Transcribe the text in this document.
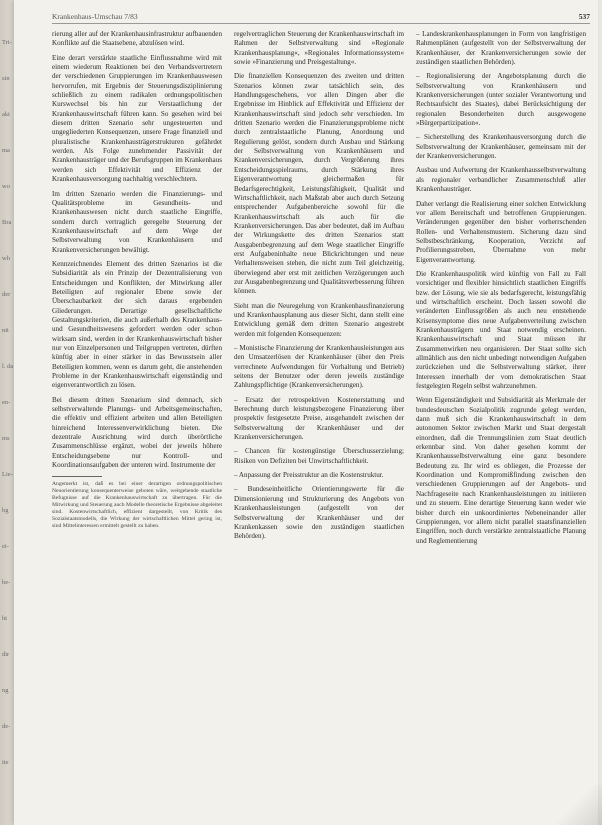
Tri-
sin
akt
ma
wo
Bra
wh
der
nit
l. da
en-
ms
Lie-
bg
ei-
be-
ht
dir
ng
de-
ite
Krankenhaus-Umschau 7/83	537

rierung aller auf der Krankenhausinfrastruktur aufbauenden Konflikte auf die Staatsebene, abzulösen wird.

Eine derart verstärkte staatliche Einflussnahme wird mit einem wiederum Reaktionen bei den Verbandsvertretern der verschiedenen Gruppierungen im Krankenhauswesen hervorrufen, mit Ergebnis der Steuerungsdisziplinierung schließlich zu einem radikalen ordnungspolitischen Kurswechsel bis hin zur Verstaatlichung der Krankenhauswirtschaft führen kann. So gesehen wird bei diesem dritten Szenario sehr ungesteuerten und ungegliederten Konsequenzen, unsere Frage finanziell und pluralistische Krankenhausträgerstrukturen gefährdet werden. Als Folge zunehmender Passivität der Krankenhausträger und der Berufsgruppen im Krankenhaus werden sich Effektivität und Effizienz der Krankenhausversorgung nachhaltig verschlechtern.

Im dritten Szenario werden die Finanzierungs- und Qualitätsprobleme im Gesundheits- und Krankenhauswesen nicht durch staatliche Eingriffe, sondern durch vertraglich geregelte Steuerung der Krankenhauswirtschaft auf dem Wege der Selbstverwaltung von Krankenhäusern und Krankenversicherungen bewältigt.

Kennzeichnendes Element des dritten Szenarios ist die Subsidiarität als ein Prinzip der Dezentralisierung von Entscheidungen und Konflikten, der Mitwirkung aller Beteiligten auf regionaler Ebene sowie der Überschaubarkeit der sich daraus ergebenden Gliederungen. Derartige gesellschaftliche Gestaltungskriterien, die auch außerhalb des Krankenhaus- und Gesundheitswesens gefordert werden oder schon wirksam sind, werden in der Krankenhauswirtschaft bisher nur von Einzelpersonen und Teilgruppen vertreten, dürften künftig aber in einer stärker in das Bewusstsein aller Beteiligten kommen, wenn es darum geht, die anstehenden Probleme in der Krankenhauswirtschaft eigenständig und eigenverantwortlich zu lösen.

Bei diesem dritten Szenarium sind demnach, sich selbstverwaltende Planungs- und Arbeitsgemeinschaften, die effektiv und effizient arbeiten und allen Beteiligten hinreichend Interessenverwirklichung bieten. Die dezentrale Ausrichtung wird durch überörtliche Zusammenschlüsse ergänzt, wobei der jeweils höhere Entscheidungsebene nur Kontroll- und Koordinationsaufgaben der unteren wird. Instrumente der

Angemerkt ist, daß es bei einer derartigen ordnungspolitischen Neuorientierung konsequenterweise geboten wäre, weitgehende staatliche Befugnisse auf die Krankenhauswirtschaft zu übertragen. Für die Mitwirkung und Steuerung auch Modelle theoretische Ergebnisse abgeleitet sind. Kostenwirtschaftlich, effizient dargestellt, von Kritik des Sozialstaatsmodells, die Wirkung der wirtschaftlichen Mittel gering ist, sind Mittelinteressen ermittelt gestellt zu haben.

regelvertraglichen Steuerung der Krankenhauswirtschaft im Rahmen der Selbstverwaltung sind »Regionale Krankenhausplanung«, »Regionales Informationssystem« sowie »Finanzierung und Preisgestaltung«.

Die finanziellen Konsequenzen des zweiten und dritten Szenarios können zwar tatsächlich sein, des Handlungsgeschehens, vor allen Dingen aber die Ergebnisse im Hinblick auf Effektivität und Effizienz der Krankenhauswirtschaft sind jedoch sehr verschieden. Im dritten Szenario werden die Finanzierungsprobleme nicht durch zentralstaatliche Planung, Anordnung und Regulierung gelöst, sondern durch Ausbau und Stärkung der Selbstverwaltung von Krankenhäusern und Krankenversicherungen, durch Vergrößerung ihres Entscheidungsspielraums, durch Stärkung ihres Eigenverantwortung gleichermaßen für Bedarfsgerechtigkeit, Leistungsfähigkeit, Qualität und Wirtschaftlichkeit, nach Maßstab aber auch durch Setzung entsprechender Aufgabenbereiche sowohl für die Krankenhauswirtschaft als auch für die Krankenversicherungen. Das aber bedeutet, daß im Aufbau der Wirkungskette des dritten Szenarios statt Ausgabenbegrenzung auf dem Wege staatlicher Eingriffe erst Aufgabeninhalte neue Blickrichtungen und neue Verhaltensweisen stehen, die nicht zum Teil gleichzeitig, überwiegend aber erst mit zeitlichen Verzögerungen auch zur Ausgabenbegrenzung und Qualitätsverbesserung führen können.

Sieht man die Neuregelung von Krankenhausfinanzierung und Krankenhausplanung aus dieser Sicht, dann stellt eine Entwicklung gemäß dem dritten Szenario angestrebt werden mit folgenden Konsequenzen:

– Monistische Finanzierung der Krankenhausleistungen aus den Umsatzerlösen der Krankenhäuser (über den Preis verrechnete Aufwendungen für Vorhaltung und Betrieb) seitens der Benutzer oder deren jeweils zuständige Zahlungspflichtige (Krankenversicherungen).

– Ersatz der retrospektiven Kostenerstattung und Berechnung durch leistungsbezogene Finanzierung über prospektiv festgesetzte Preise, ausgehandelt zwischen der Selbstverwaltung der Krankenhäuser und der Krankenversicherungen.

– Chancen für kostengünstige Überschusserzielung; Risiken von Defiziten bei Unwirtschaftlichkeit.

– Anpassung der Preisstruktur an die Kostenstruktur.

– Bundeseinheitliche Orientierungswerte für die Dimensionierung und Strukturierung des Angebots von Krankenhausleistungen (aufgestellt von der Selbstverwaltung der Krankenhäuser und der Krankenkassen sowie den zuständigen staatlichen Behörden).

– Landeskrankenhausplanungen in Form von langfristigen Rahmenplänen (aufgestellt von der Selbstverwaltung der Krankenhäuser, der Krankenversicherungen sowie der zuständigen staatlichen Behörden).

– Regionalisierung der Angebotsplanung durch die Selbstverwaltung von Krankenhäusern und Krankenversicherungen (unter sozialer Verantwortung und Rechtsaufsicht des Staates), dabei Berücksichtigung der regionalen Besonderheiten durch ausgewogene »Bürgerpartizipation«.

– Sicherstellung des Krankenhausversorgung durch die Selbstverwaltung der Krankenhäuser, gemeinsam mit der der Krankenversicherungen.

Ausbau und Aufwertung der Krankenhausselbstverwaltung als regionaler verbandlicher Zusammenschluß aller Krankenhausträger.

Daher verlangt die Realisierung einer solchen Entwicklung vor allem Bereitschaft und betroffenen Gruppierungen. Veränderungen gegenüber den bisher vorherrschenden Rollen- und Verhaltensmustern. Sicherung dazu sind Selbstbeschränkung, Kooperation, Verzicht auf Profilierungsstreben, Übernahme von mehr Eigenverantwortung.

Die Krankenhauspolitik wird künftig von Fall zu Fall vorsichtiger und flexibler hinsichtlich staatlichen Eingriffs bzw. der Lösung, wie sie als bedarfsgerecht, leistungsfähig und wirtschaftlich erscheint. Doch lassen sowohl die veränderten Einflussgrößen als auch neu entstehende Krisensymptome dies neue Aufgabenverteilung zwischen Krankenhausträgern und Staat notwendig erscheinen. Krankenhauswirtschaft und Staat müssen ihr Zusammenwirken neu organisieren. Der Staat sollte sich allmählich aus den nicht unbedingt notwendigen Aufgaben zurückziehen und die Selbstverwaltung stärker, ihrer Interessen innerhalb der vom demokratischen Staat festgelegten Regeln selbst wahrzunehmen.

Wenn Eigenständigkeit und Subsidiarität als Merkmale der bundesdeutschen Sozialpolitik zugrunde gelegt werden, dann muß sich die Krankenhauswirtschaft in dem autonomen Sektor zwischen Markt und Staat dergestalt einordnen, daß die Trennungslinien zum Staat deutlich erkennbar sind. Von daher gesehen kommt der Krankenhausselbstverwaltung eine ganz besondere Bedeutung zu. Ihr wird es obliegen, die Prozesse der Koordination und Kompromißfindung zwischen den verschiedenen Gruppierungen auf der Angebots- und Nachfrageseite nach Krankenhausleistungen zu initiieren und zu steuern. Eine derartige Steuerung kann weder wie bisher durch ein unkoordiniertes Nebeneinander aller Gruppierungen, vor allem nicht parallel staatsfinanziellen Eingriffen, noch durch verstärkte zentralstaatliche Planung und Reglementierung
